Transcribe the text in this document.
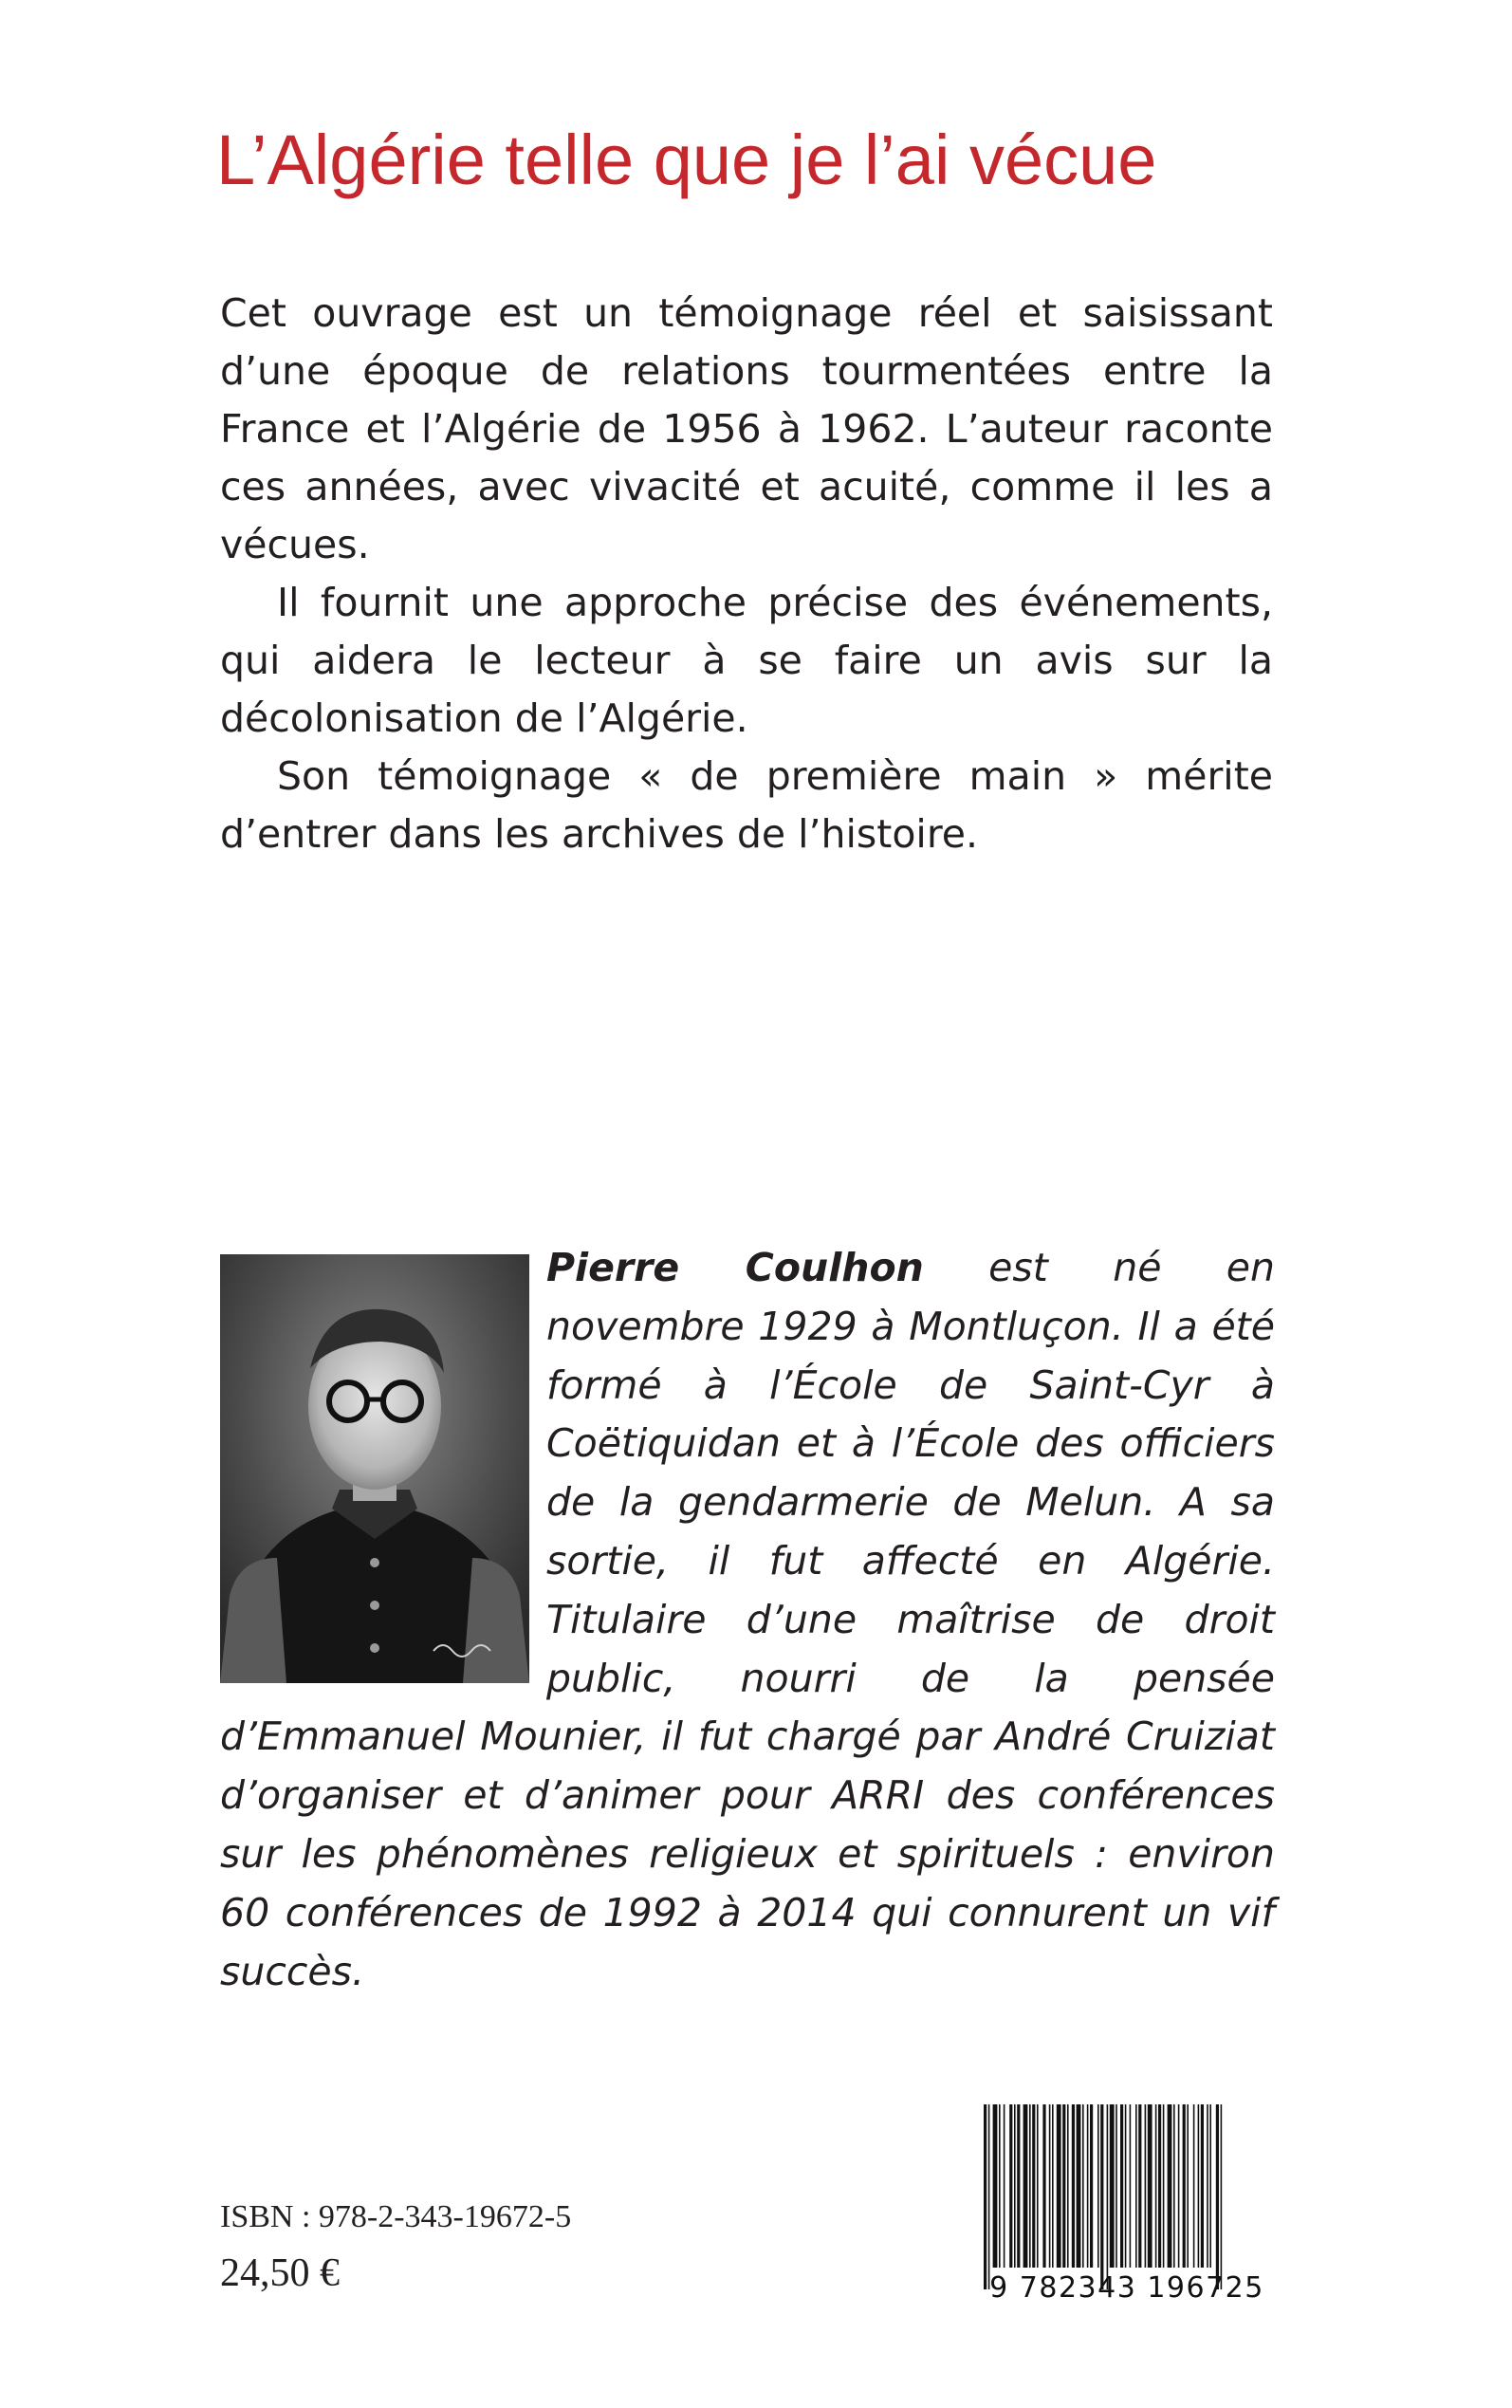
L’Algérie telle que je l’ai vécue

Cet ouvrage est un témoignage réel et saisissant d’une époque de relations tourmentées entre la France et l’Algérie de 1956 à 1962. L’auteur raconte ces années, avec vivacité et acuité, comme il les a vécues.

Il fournit une approche précise des événements, qui aidera le lecteur à se faire un avis sur la décolonisation de l’Algérie.

Son témoignage « de première main » mérite d’entrer dans les archives de l’histoire.

Pierre Coulhon est né en novembre 1929 à Montluçon. Il a été formé à l’École de Saint-Cyr à Coëtiquidan et à l’École des officiers de la gendarmerie de Melun. A sa sortie, il fut affecté en Algérie. Titulaire d’une maîtrise de droit public, nourri de la pensée d’Emmanuel Mounier, il fut chargé par André Cruiziat d’organiser et d’animer pour ARRI des conférences sur les phénomènes religieux et spirituels : environ 60 conférences de 1992 à 2014 qui connurent un vif succès.
ISBN : 978-2-343-19672-5
24,50 €	9 782343 196725
